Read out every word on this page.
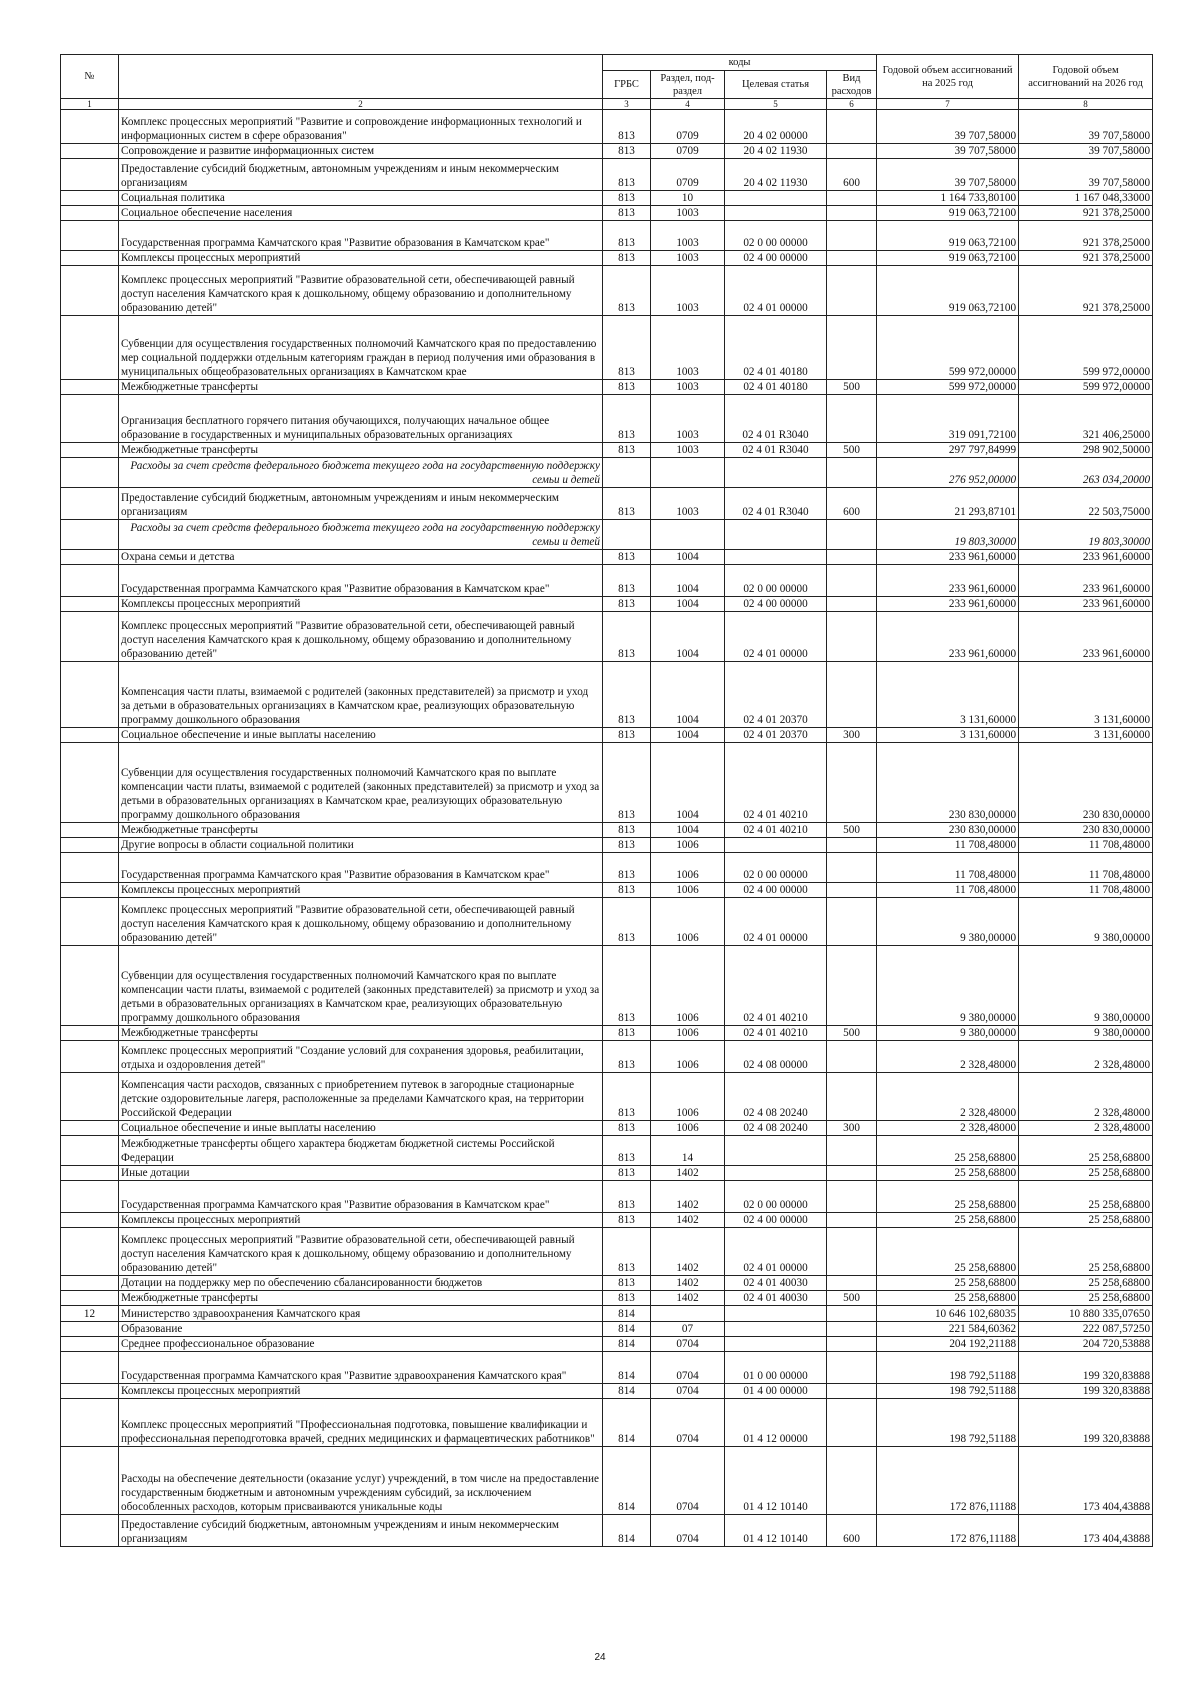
№		коды				Годовой объем ассигнований на 2025 год	Годовой объем ассигнований на 2026 год
		ГРБС	Раздел, под-раздел	Целевая статья	Вид расходов		
1	2	3	4	5	6	7	8
	Комплекс процессных мероприятий "Развитие и сопровождение информационных технологий и информационных систем в сфере образования"	813	0709	20 4 02 00000		39 707,58000	39 707,58000
	Сопровождение и развитие информационных систем	813	0709	20 4 02 11930		39 707,58000	39 707,58000
	Предоставление субсидий бюджетным, автономным учреждениям и иным некоммерческим организациям	813	0709	20 4 02 11930	600	39 707,58000	39 707,58000
	Социальная политика	813	10			1 164 733,80100	1 167 048,33000
	Социальное обеспечение населения	813	1003			919 063,72100	921 378,25000
	Государственная программа Камчатского края "Развитие образования в Камчатском крае"	813	1003	02 0 00 00000		919 063,72100	921 378,25000
	Комплексы процессных мероприятий	813	1003	02 4 00 00000		919 063,72100	921 378,25000
	Комплекс процессных мероприятий "Развитие образовательной сети, обеспечивающей равный доступ населения Камчатского края к дошкольному, общему образованию и дополнительному образованию детей"	813	1003	02 4 01 00000		919 063,72100	921 378,25000
	Субвенции для осуществления государственных полномочий Камчатского края по предоставлению мер социальной поддержки отдельным категориям граждан в период получения ими образования в муниципальных общеобразовательных организациях в Камчатском крае	813	1003	02 4 01 40180		599 972,00000	599 972,00000
	Межбюджетные трансферты	813	1003	02 4 01 40180	500	599 972,00000	599 972,00000
	Организация бесплатного горячего питания обучающихся, получающих начальное общее образование в государственных и муниципальных образовательных организациях	813	1003	02 4 01 R3040		319 091,72100	321 406,25000
	Межбюджетные трансферты	813	1003	02 4 01 R3040	500	297 797,84999	298 902,50000
	Расходы за счет средств федерального бюджета текущего года на государственную поддержку семьи и детей					276 952,00000	263 034,20000
	Предоставление субсидий бюджетным, автономным учреждениям и иным некоммерческим организациям	813	1003	02 4 01 R3040	600	21 293,87101	22 503,75000
	Расходы за счет средств федерального бюджета текущего года на государственную поддержку семьи и детей					19 803,30000	19 803,30000
	Охрана семьи и детства	813	1004			233 961,60000	233 961,60000
	Государственная программа Камчатского края "Развитие образования в Камчатском крае"	813	1004	02 0 00 00000		233 961,60000	233 961,60000
	Комплексы процессных мероприятий	813	1004	02 4 00 00000		233 961,60000	233 961,60000
	Комплекс процессных мероприятий "Развитие образовательной сети, обеспечивающей равный доступ населения Камчатского края к дошкольному, общему образованию и дополнительному образованию детей"	813	1004	02 4 01 00000		233 961,60000	233 961,60000
	Компенсация части платы, взимаемой с родителей (законных представителей) за присмотр и уход за детьми в образовательных организациях в Камчатском крае, реализующих образовательную программу дошкольного образования	813	1004	02 4 01 20370		3 131,60000	3 131,60000
	Социальное обеспечение и иные выплаты населению	813	1004	02 4 01 20370	300	3 131,60000	3 131,60000
	Субвенции для осуществления государственных полномочий Камчатского края по выплате компенсации части платы, взимаемой с родителей (законных представителей) за присмотр и уход за детьми в образовательных организациях в Камчатском крае, реализующих образовательную программу дошкольного образования	813	1004	02 4 01 40210		230 830,00000	230 830,00000
	Межбюджетные трансферты	813	1004	02 4 01 40210	500	230 830,00000	230 830,00000
	Другие вопросы в области социальной политики	813	1006			11 708,48000	11 708,48000
	Государственная программа Камчатского края "Развитие образования в Камчатском крае"	813	1006	02 0 00 00000		11 708,48000	11 708,48000
	Комплексы процессных мероприятий	813	1006	02 4 00 00000		11 708,48000	11 708,48000
	Комплекс процессных мероприятий "Развитие образовательной сети, обеспечивающей равный доступ населения Камчатского края к дошкольному, общему образованию и дополнительному образованию детей"	813	1006	02 4 01 00000		9 380,00000	9 380,00000
	Субвенции для осуществления государственных полномочий Камчатского края по выплате компенсации части платы, взимаемой с родителей (законных представителей) за присмотр и уход за детьми в образовательных организациях в Камчатском крае, реализующих образовательную программу дошкольного образования	813	1006	02 4 01 40210		9 380,00000	9 380,00000
	Межбюджетные трансферты	813	1006	02 4 01 40210	500	9 380,00000	9 380,00000
	Комплекс процессных мероприятий "Создание условий для сохранения здоровья, реабилитации, отдыха и оздоровления детей"	813	1006	02 4 08 00000		2 328,48000	2 328,48000
	Компенсация части расходов, связанных с приобретением путевок в загородные стационарные детские оздоровительные лагеря, расположенные за пределами Камчатского края, на территории Российской Федерации	813	1006	02 4 08 20240		2 328,48000	2 328,48000
	Социальное обеспечение и иные выплаты населению	813	1006	02 4 08 20240	300	2 328,48000	2 328,48000
	Межбюджетные трансферты общего характера бюджетам бюджетной системы Российской Федерации	813	14			25 258,68800	25 258,68800
	Иные дотации	813	1402			25 258,68800	25 258,68800
	Государственная программа Камчатского края "Развитие образования в Камчатском крае"	813	1402	02 0 00 00000		25 258,68800	25 258,68800
	Комплексы процессных мероприятий	813	1402	02 4 00 00000		25 258,68800	25 258,68800
	Комплекс процессных мероприятий "Развитие образовательной сети, обеспечивающей равный доступ населения Камчатского края к дошкольному, общему образованию и дополнительному образованию детей"	813	1402	02 4 01 00000		25 258,68800	25 258,68800
	Дотации на поддержку мер по обеспечению сбалансированности бюджетов	813	1402	02 4 01 40030		25 258,68800	25 258,68800
	Межбюджетные трансферты	813	1402	02 4 01 40030	500	25 258,68800	25 258,68800
12	Министерство здравоохранения Камчатского края	814				10 646 102,68035	10 880 335,07650
	Образование	814	07			221 584,60362	222 087,57250
	Среднее профессиональное образование	814	0704			204 192,21188	204 720,53888
	Государственная программа Камчатского края "Развитие здравоохранения Камчатского края"	814	0704	01 0 00 00000		198 792,51188	199 320,83888
	Комплексы процессных мероприятий	814	0704	01 4 00 00000		198 792,51188	199 320,83888
	Комплекс процессных мероприятий "Профессиональная подготовка, повышение квалификации и профессиональная переподготовка врачей, средних медицинских и фармацевтических работников"	814	0704	01 4 12 00000		198 792,51188	199 320,83888
	Расходы на обеспечение деятельности (оказание услуг) учреждений, в том числе на предоставление государственным бюджетным и автономным учреждениям субсидий, за исключением обособленных расходов, которым присваиваются уникальные коды	814	0704	01 4 12 10140		172 876,11188	173 404,43888
	Предоставление субсидий бюджетным, автономным учреждениям и иным некоммерческим организациям	814	0704	01 4 12 10140	600	172 876,11188	173 404,43888
24
